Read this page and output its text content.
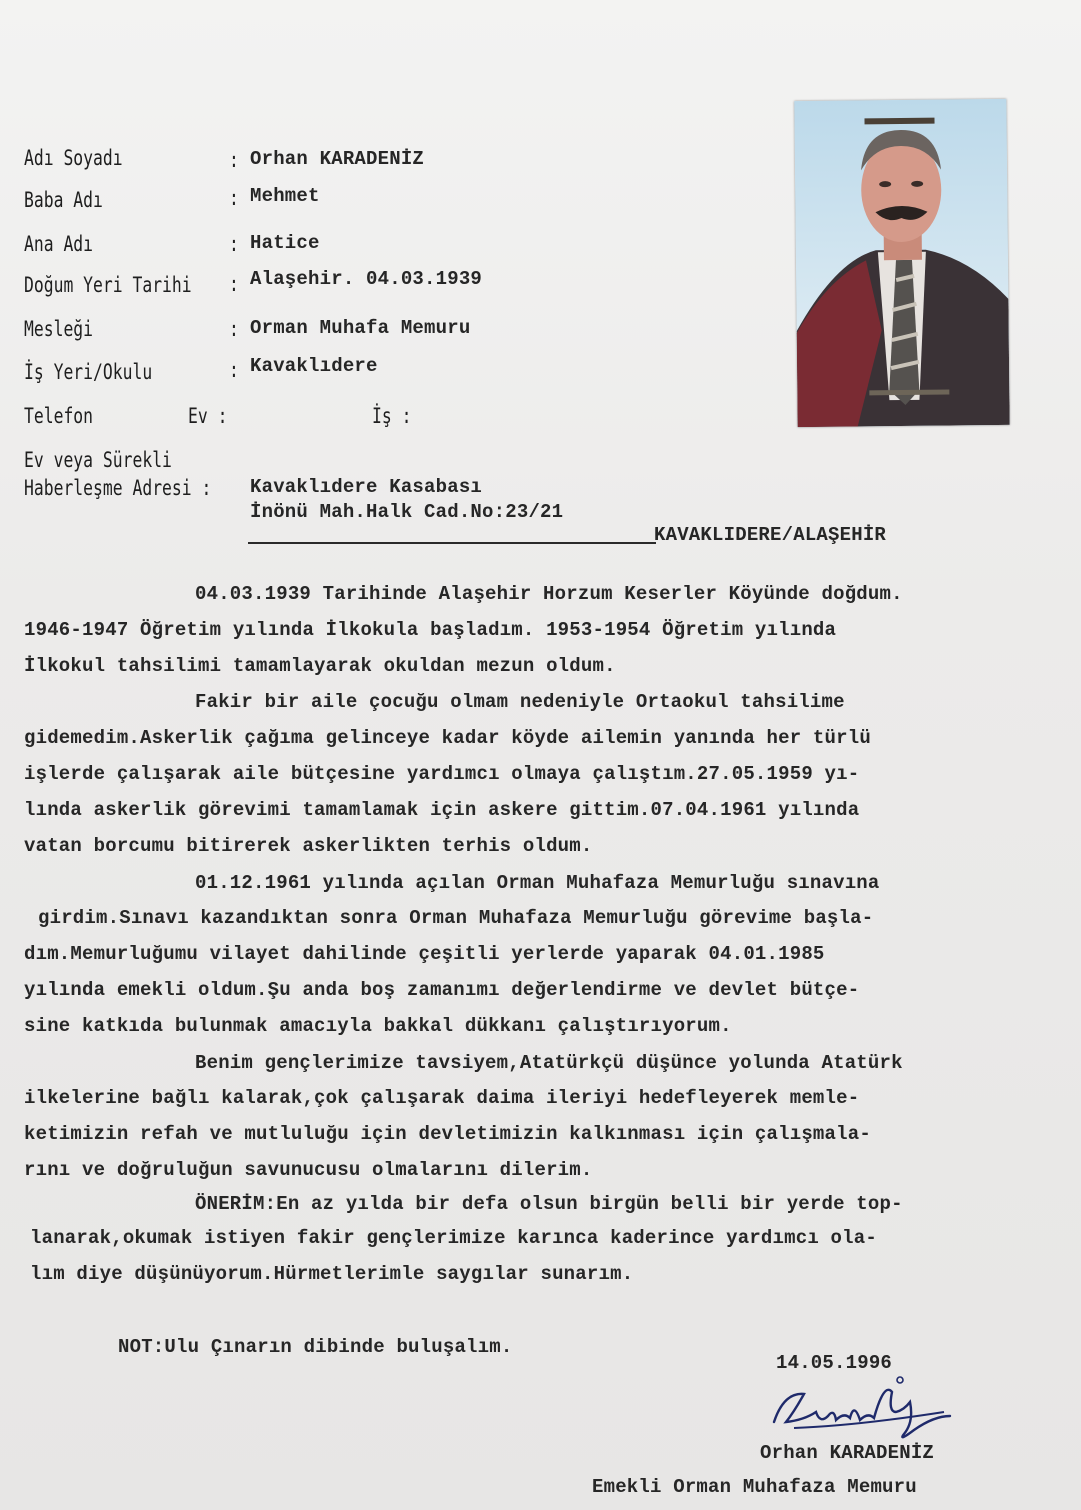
Adı Soyadı
Baba Adı
Ana Adı
Doğum Yeri Tarihi
Mesleği
İş Yeri/Okulu
Telefon	Ev :	İş :
Ev veya Sürekli
Haberleşme Adresi :
:
:
:
:
:
:
Orhan KARADENİZ
Mehmet
Hatice
Alaşehir. 04.03.1939
Orman Muhafa Memuru
Kavaklıdere
Kavaklıdere Kasabası
İnönü Mah.Halk Cad.No:23/21
KAVAKLIDERE/ALAŞEHİR
04.03.1939 Tarihinde Alaşehir Horzum Keserler Köyünde doğdum.
1946-1947 Öğretim yılında İlkokula başladım. 1953-1954 Öğretim yılında
İlkokul tahsilimi tamamlayarak okuldan mezun oldum.
Fakir bir aile çocuğu olmam nedeniyle Ortaokul tahsilime
gidemedim.Askerlik çağıma gelinceye kadar köyde ailemin yanında her türlü
işlerde çalışarak aile bütçesine yardımcı olmaya çalıştım.27.05.1959 yı-
lında askerlik görevimi tamamlamak için askere gittim.07.04.1961 yılında
vatan borcumu bitirerek askerlikten terhis oldum.
01.12.1961 yılında açılan Orman Muhafaza Memurluğu sınavına
girdim.Sınavı kazandıktan sonra Orman Muhafaza Memurluğu görevime başla-
dım.Memurluğumu vilayet dahilinde çeşitli yerlerde yaparak 04.01.1985
yılında emekli oldum.Şu anda boş zamanımı değerlendirme ve devlet bütçe-
sine katkıda bulunmak amacıyla bakkal dükkanı çalıştırıyorum.
Benim gençlerimize tavsiyem,Atatürkçü düşünce yolunda Atatürk
ilkelerine bağlı kalarak,çok çalışarak daima ileriyi hedefleyerek memle-
ketimizin refah ve mutluluğu için devletimizin kalkınması için çalışmala-
rını ve doğruluğun savunucusu olmalarını dilerim.
ÖNERİM:En az yılda bir defa olsun birgün belli bir yerde top-
lanarak,okumak istiyen fakir gençlerimize karınca kaderince yardımcı ola-
lım diye düşünüyorum.Hürmetlerimle saygılar sunarım.
NOT:Ulu Çınarın dibinde buluşalım.
14.05.1996
Orhan KARADENİZ
Emekli Orman Muhafaza Memuru
